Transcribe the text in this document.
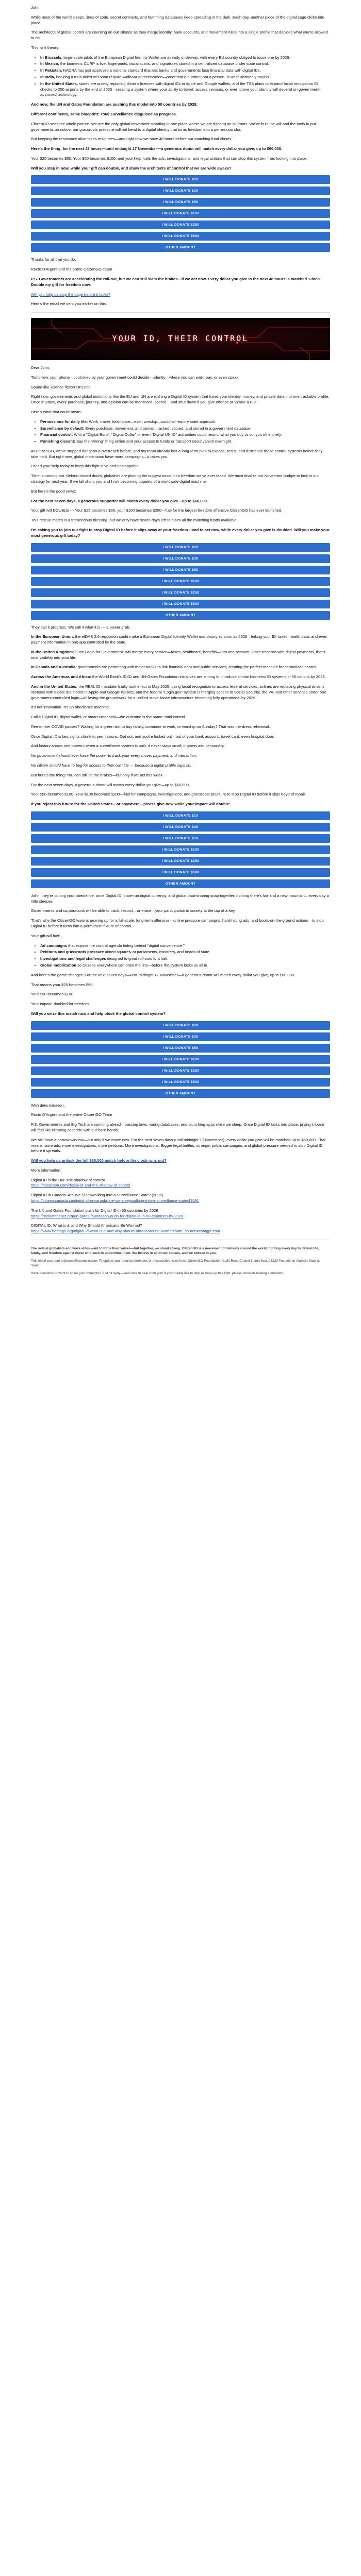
John,

While most of the world sleeps, lines of code, secret contracts, and humming databases keep spreading in the dark. Each day, another piece of the digital cage clicks into place.

The architects of global control are counting on our silence as they merge identity, bank accounts, and movement rules into a single profile that decides what you're allowed to do.

This isn't theory:

• In Brussels, large-scale pilots of the European Digital Identity Wallet are already underway, with every EU country obliged to issue one by 2026.
• In Mexico, the biometric CURP is live, fingerprints, facial scans, and signatures stored in a centralized database under state control.
• In Pakistan, NADRA has just approved a national standard that lets banks and governments fuse financial data with digital IDs.
• In India, booking a train ticket will soon require Aadhaar authentication—proof that a number, not a person, is what ultimately travels.
• In the United States, states are quietly replacing driver's licenses with digital IDs in Apple and Google wallets, and the TSA plans to expand facial recognition ID checks to 200 airports by the end of 2025—creating a system where your ability to travel, access services, or even prove your identity will depend on government-approved technology.

And now, the UN and Gates Foundation are pushing this model into 50 countries by 2028.

Different continents, same blueprint: Total surveillance disguised as progress.

CitizenGO sees the whole picture. We are the only global movement standing in one place where we are fighting on all fronts. We've built the will and the tools to put governments on notice: our grassroots pressure will not bend to a digital identity that turns freedom into a permission slip.

But keeping the resistance alive takes resources—and right now we have 48 hours before our matching fund closes.

Here's the thing: for the next 48 hours—until midnight 17 November—a generous donor will match every dollar you give, up to $60,000.

Your $25 becomes $50. Your $50 becomes $100, and your help fuels the ads, investigations, and legal actions that can stop this system from locking into place.

Will you step in now, while your gift can double, and show the architects of control that we are wide awake?

I WILL DONATE $10
I WILL DONATE $30
I WILL DONATE $50
I WILL DONATE $100
I WILL DONATE $250
I WILL DONATE $500
OTHER AMOUNT

Thanks for all that you do,

Rocío D'Argent and the entire CitizenGO Team

P.S. Governments are accelerating the roll-out, but we can still slam the brakes—if we act now. Every dollar you give in the next 48 hours is matched 1-for-1. Double my gift for freedom now.

Will you help us stop the cage before it locks?

Here's the email we sent you earlier on this:

YOUR ID, THEIR CONTROL

Dear John,

Tomorrow, your phone—controlled by your government could decide—silently—where you can walk, pay, or even speak.

Sound like science fiction? It's not:

Right now, governments and global institutions like the EU and UN are rushing a Digital ID system that fuses your identity, money, and private data into one trackable profile. Once in place, every purchase, journey, and opinion can be monitored, scored... and shut down if you give offense or violate a rule.

Here's what that could mean:

• Permissions for daily life: Work, travel, healthcare—even worship—could all require state approval.
• Surveillance by default: Every purchase, movement, and opinion tracked, scored, and stored in a government database.
• Financial control: With a "Digital Euro", "Digital Dollar" or even "Digital UN ID" authorities could restrict what you buy or cut you off entirely.
• Punishing dissent: Say the "wrong" thing online and your access to funds or transport could vanish overnight.

At CitizenGO, we've stopped dangerous overreach before, and my team already has a long-term plan to expose, resist, and dismantle these control systems before they take hold. But right now, global institutions have more campaigns—it takes you.

I need your help today to keep this fight alive and unstoppable.

Time is running out. Behind closed doors, globalists are plotting the biggest assault on freedom we've ever faced. We must finalize our November budget to lock in our strategy for next year. If we fall short, you and I risk becoming puppets of a worldwide digital machine.

But here's the good news:

For the next seven days, a generous supporter will match every dollar you give—up to $60,000.

Your gift will DOUBLE — Your $25 becomes $50, your $100 becomes $200—fuel for the largest freedom offensive CitizenGO has ever launched.

This rescue match is a tremendous blessing, but we only have seven days left to claim all the matching funds available.

I'm asking you to join our fight to stop Digital ID before it slips away at your freedom—and to act now, while every dollar you give is doubled. Will you make your most generous gift today?

I WILL DONATE $10
I WILL DONATE $30
I WILL DONATE $50
I WILL DONATE $100
I WILL DONATE $250
I WILL DONATE $500
OTHER AMOUNT

They call it progress. We call it what it is — a power grab.

In the European Union: the eIDAS 2.0 regulation could make a European Digital Identity Wallet mandatory as soon as 2026—linking your ID, taxes, health data, and even payment information in one app controlled by the state.

In the United Kingdom: "One Login for Government" will merge every service—taxes, healthcare, benefits—into one account. Once tethered with digital payments, that's total visibility into your life.

In Canada and Australia: governments are partnering with major banks to link financial data and public services, creating the perfect machine for centralized control.

Across the Americas and Africa: the World Bank's ID4D and UN-Gates Foundation initiatives are aiming to introduce similar biometric ID systems in 50 nations by 2028.

And in the United States: the REAL ID mandate finally took effect in May 2025, using facial recognition to access federal services, airlines are replacing physical driver's licenses with digital IDs stored in Apple and Google Wallets, and the federal "Login.gov" system is merging access to Social Security, the VA, and other services under one government-controlled login—all laying the groundwork for a unified surveillance infrastructure becoming fully operational by 2026.

It's not innovation. It's an obedience machine.

Call it Digital ID, digital wallet, or smart credential—the outcome is the same: total control.

Remember COVID passes? Waiting for a green tick to buy family, commute to work, or worship on Sunday? That was the dress rehearsal.

Once Digital ID is law, rights shrink to permissions. Opt out, and you're locked out—out of your bank account, travel card, even hospital door.

And history shows one pattern: when a surveillance system is built, it never stays small; it grows into censorship.

No government should ever have the power to track your every move, payment, and interaction.

No citizen should have to beg for access to their own life — because a digital profile says so.

But here's the thing: You can still hit the brakes—but only if we act this week.

For the next seven days, a generous donor will match every dollar you give—up to $60,000.

Your $50 becomes $100. Your $100 becomes $200—fuel for campaigns, investigations, and grassroots pressure to stop Digital ID before it slips beyond repair.

If you reject this future for the United States—or anywhere—please give now while your impact will double:

I WILL DONATE $10
I WILL DONATE $30
I WILL DONATE $50
I WILL DONATE $100
I WILL DONATE $250
I WILL DONATE $500
OTHER AMOUNT

John, they're cutting your obedience: once Digital ID, state-run digital currency, and global data-sharing snap together, nothing there's fair and a new mountain—every day a little steeper.

Governments and corporations will be able to track, restrict—or erase—your participation in society at the tap of a key.

That's why the CitizenGO team is gearing up for a full-scale, long-term offensive—online pressure campaigns, hard-hitting ads, and boots-on-the-ground actions—to stop Digital ID before it turns into a permanent fixture of control.

Your gift will fuel:

• Ad campaigns that expose the control agenda hiding behind "digital convenience."
• Petitions and grassroots pressure aimed squarely at parliaments, ministers, and heads of state.
• Investigations and legal challenges designed to grind roll-outs to a halt.
• Global mobilization so citizens everywhere can draw the line—before the system locks us all in.

And here's the game-changer: For the next seven days—until midnight 17 November—a generous donor will match every dollar you give, up to $60,000.

That means your $25 becomes $50.

Your $50 becomes $100.

Your impact: doubled for freedom.

Will you seize this match now and help block the global control system?

I WILL DONATE $10
I WILL DONATE $30
I WILL DONATE $50
I WILL DONATE $100
I WILL DONATE $250
I WILL DONATE $500
OTHER AMOUNT

With determination,

Rocío D'Argent and the entire CitizenGO Team

P.S. Governments and Big Tech are sprinting ahead—passing laws, wiring databases, and launching apps while we sleep. Once Digital ID locks into place, prying it loose will feel like climbing concrete with our bare hands.

We still have a narrow window—but only if we move now. For the next seven days (until midnight 17 November), every dollar you give will be matched up to $60,000. That means more ads, more investigations, more petitions. More investigations. Bigger legal battles, stronger public campaigns, and global pressure needed to stop Digital ID before it spreads.

Will you help us unlock the full $60,000 match before the clock runs out?

More information:

Digital ID is the UN: The shadow of control
https://telegraph.com/digital-id-and-the-shadow-of-control

Digital ID in Canada: Are We Sleepwalking Into a Surveillance State? (2025)
https://citizen.canada.ca/digital-id-in-canada-are-we-sleepwalking-into-a-surveillance-state/43591

The UN and Gates Foundation push for Digital ID in 50 countries by 2028
https://reclaimthenet.org/un-gates-foundation-push-for-digital-id-in-50-countries-by-2028

DIGITAL ID: What is it, and Why Should Americans Be Worried?
https://www.heritage.org/digital-id-what-is-it-and-why-should-americans-be-worried?utm_source=chatgpt.com

The radical globalists and woke elites want to force their values—but together, we stand strong. CitizenGO is a movement of millions around the world, fighting every day to defend life, family, and freedom against those who seek to undermine them. We believe in all of our causes, and we believe in you.

This email was sent to jbrown@example.com. To update your email preferences or unsubscribe, click here. CitizenGO Foundation, Calle Rosa Chacel 1, 2nd floor, 28223 Pozuelo de Alarcón, Madrid, Spain.

Have questions or want to share your thoughts? Just hit reply—we'd love to hear from you! If you'd really like to help us keep up this fight, please consider making a donation.
